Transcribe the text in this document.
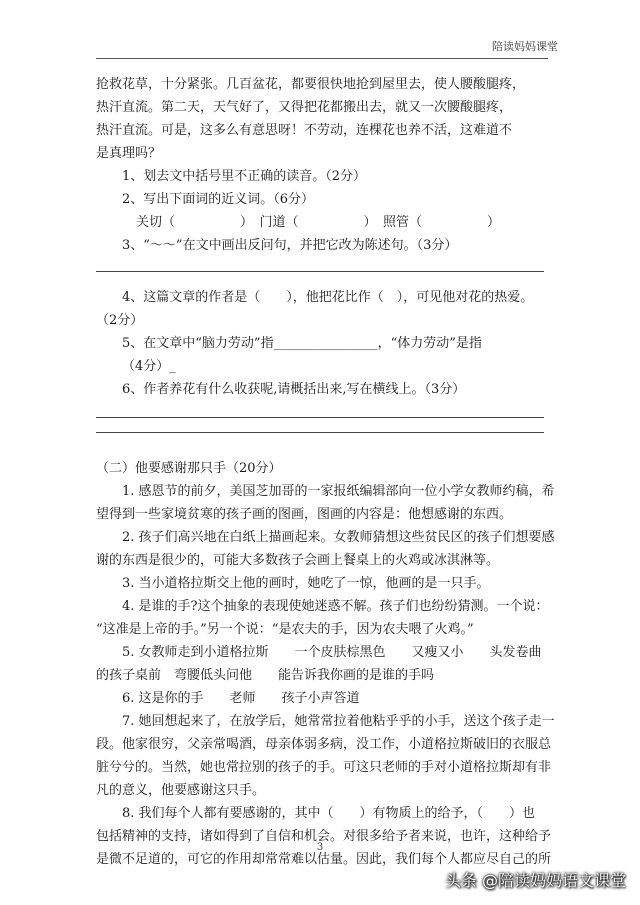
陪读妈妈课堂

抢救花草，十分紧张。几百盆花，都要很快地抢到屋里去，使人腰酸腿疼，

热汗直流。第二天，天气好了，又得把花都搬出去，就又一次腰酸腿疼，

热汗直流。可是，这多么有意思呀！不劳动，连棵花也养不活，这难道不

是真理吗？

1、划去文中括号里不正确的读音。（2分）

2、写出下面词的近义词。（6分）

关切（　　　　　）　门道（　　　　　）　照管（　　　　　）

3、“～～”在文中画出反问句，并把它改为陈述句。（3分）

4、这篇文章的作者是（　　），他把花比作（　），可见他对花的热爱。

（2分）

5、在文章中“脑力劳动”指________________，“体力劳动”是指

（4分）_

6、作者养花有什么收获呢,请概括出来,写在横线上。（3分）

（二）他要感谢那只手（20分）

1. 感恩节的前夕，美国芝加哥的一家报纸编辑部向一位小学女教师约稿，希

望得到一些家境贫寒的孩子画的图画，图画的内容是：他想感谢的东西。

2. 孩子们高兴地在白纸上描画起来。女教师猜想这些贫民区的孩子们想要感

谢的东西是很少的，可能大多数孩子会画上餐桌上的火鸡或冰淇淋等。

3. 当小道格拉斯交上他的画时，她吃了一惊，他画的是一只手。

4. 是谁的手?这个抽象的表现使她迷惑不解。孩子们也纷纷猜测。一个说：

“这准是上帝的手。”另一个说：“是农夫的手，因为农夫喂了火鸡。”

5. 女教师走到小道格拉斯　　一个皮肤棕黑色　　又瘦又小　　头发卷曲

的孩子桌前　弯腰低头问他　　能告诉我你画的是谁的手吗

6. 这是你的手　　老师　　孩子小声答道

7. 她回想起来了，在放学后，她常常拉着他粘乎乎的小手，送这个孩子走一

段。他家很穷，父亲常喝酒，母亲体弱多病，没工作，小道格拉斯破旧的衣服总

脏兮兮的。当然，她也常拉别的孩子的手。可这只老师的手对小道格拉斯却有非

凡的意义，他要感谢这只手。

8. 我们每个人都有要感谢的，其中（　　）有物质上的给予，（　　）也

包括精神的支持，诸如得到了自信和机会。对很多给予者来说，也许，这种给予

是微不足道的，可它的作用却常常难以估量。因此，我们每个人都应尽自己的所

3
头条 @陪读妈妈语文课堂
